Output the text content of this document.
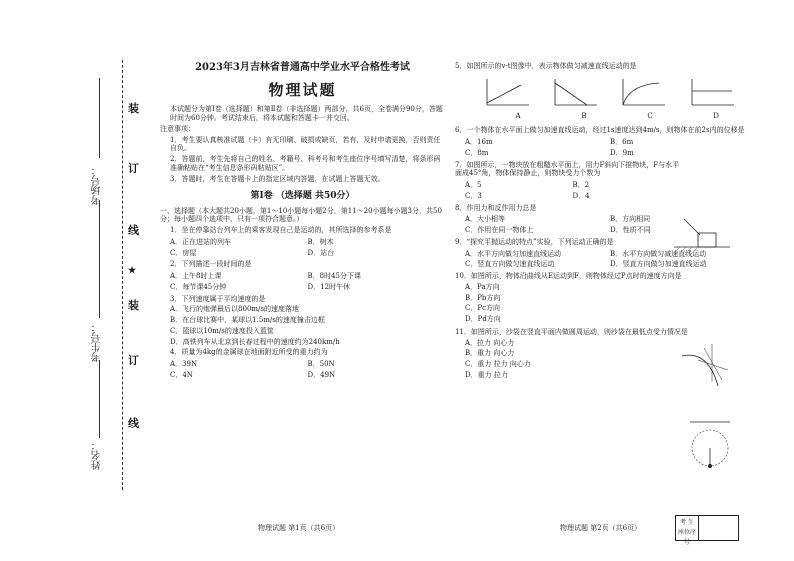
装
订
线
★
装
订
线
考场号：
考生号：
姓名：
2023年3月吉林省普通高中学业水平合格性考试
物理试题
本试题分为第Ⅰ卷（选择题）和第Ⅱ卷（非选择题）两部分，共6页，全卷满分90分，答题时间为60分钟。考试结束后，将本试题和答题卡一并交回。
注意事项：
1．考生要认真核准试题（卡）有无印刷、破损或缺页，若有，及时申请更换，否则责任自负。
2．答题前，考生先将自己的姓名、考籍号、科考号和考生座位序号填写清楚，将条形码准确粘贴在“考生信息条形码粘贴区”。
3．答题时，考生在答题卡上的指定区域内答题，在试题上答题无效。
第Ⅰ卷 （选择题 共50分）
一、选择题（本大题共20小题，第1～10小题每小题2分，第11～20小题每小题3分，共50分；每小题四个选项中，只有一项符合题意。）
1．坐在停靠站台列车上的乘客发现自己是运动的，其所选择的参考系是
A．正在进站的列车	B．树木
C．房屋	D．站台
2．下列描述一段时间的是
A．上午8时上课	B．8时45分下课
C．每节课45分钟	D．12时午休
3．下列速度属于平均速度的是
A．飞行的炮弹最后以800m/s的速度落地
B．在台球比赛中，某球以1.5m/s的速度撞击边框
C．篮球以10m/s的速度投入篮筐
D．高铁列车从北京到长春过程中的速度约为240km/h
4．质量为4kg的金属球在地面附近所受的重力约为
A．39N	B．50N
C．4N	D．49N
物理试题 第1页（共6页）
5．如图所示的v-t图像中，表示物体做匀减速直线运动的是

A	B	C	D
6．一个物体在水平面上做匀加速直线运动，经过1s速度达到4m/s，则物体在前2s内的位移是
A．16m	B．6m
C．8m	D．9m
7．如图所示，一物块放在粗糙水平面上，用力F斜向下推物块，F与水平面成45°角，物体保持静止，则物块受力个数为
A．5	B．2
C．3	D．4
8．作用力和反作用力总是
A．大小相等	B．方向相同
C．作用在同一物体上	D．性质不同
9．“探究平抛运动的特点”实验，下列运动正确的是
A．水平方向做匀加速直线运动	B．水平方向做匀减速直线运动
C．竖直方向做匀速直线运动	D．竖直方向做匀加速直线运动
10．如图所示，物体沿曲线从E运动到F，则物体经过P点时的速度方向是
A．Pa方向
B．Pb方向
C．Pc方向
D．Pd方向
11．如图所示，沙袋在竖直平面内做圆周运动，则沙袋在最低点受力情况是
A．拉力 向心力
B．重力 向心力
C．重力 拉力 向心力
D．重力 拉力
物理试题 第2页（共6页）
考 生
座位序号
